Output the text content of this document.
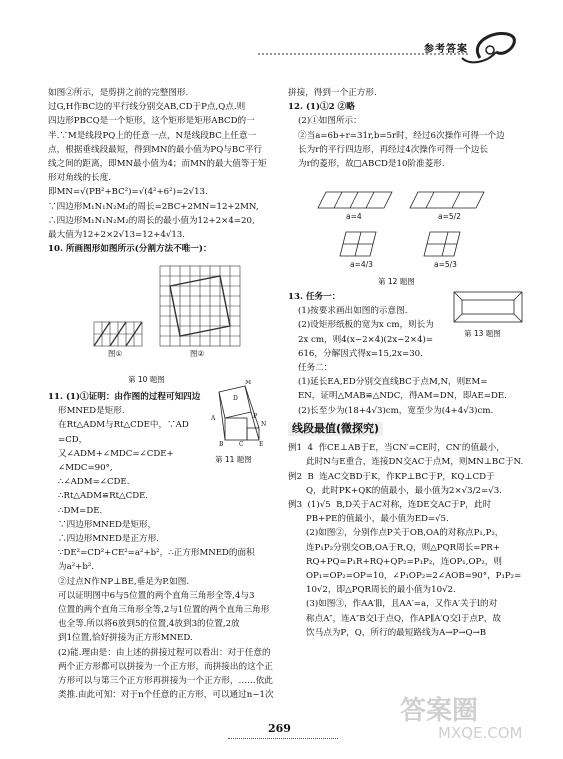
参考答案

如图②所示，是剪拼之前的完整图形.

过G,H作BC边的平行线分别交AB,CD于P点,Q点.则

四边形PBCQ是一个矩形，这个矩形是矩形ABCD的一

半.∵M是线段PQ上的任意一点，N是线段BC上任意一

点，根据垂线段最短，得到MN的最小值为PQ与BC平行

线之间的距离，即MN最小值为4；而MN的最大值等于矩

形对角线的长度.

即MN=√(PB²+BC²)=√(4²+6²)=2√13.

∵四边形M₁N₁N₂M₂的周长=2BC+2MN=12+2MN,

∴四边形M₁N₁N₂M₂的周长的最小值为12+2×4=20,

最大值为12+2×2√13=12+4√13.

10. 所画图形如图所示(分割方法不唯一)：

图①	图②
第 10 题图

11. (1)①证明：由作图的过程可知四边

形MNED是矩形.

在Rt△ADM与Rt△CDE中，∵AD

=CD，

又∠ADM+∠MDC=∠CDE+

∠MDC=90°,

∴∠ADM=∠CDE.

∴Rt△ADM≌Rt△CDE.

∴DM=DE.

∵四边形MNED是矩形，

∴四边形MNED是正方形.

∵DE²=CD²+CE²=a²+b²，∴正方形MNED的面积

为a²+b².

②过点N作NP⊥BE,垂足为P.如图.

可以证明图中6与5位置的两个直角三角形全等,4与3

位置的两个直角三角形全等,2与1位置的两个直角三角形

也全等.所以将6放到5的位置,4放到3的位置,2放

到1位置,恰好拼接为正方形MNED.

(2)能.理由是：由上述的拼接过程可以看出：对于任意的

两个正方形都可以拼接为一个正方形，而拼接出的这个正

方形可以与第三个正方形再拼接为一个正方形，……依此

类推.由此可知：对于n个任意的正方形，可以通过n−1次

A
D
M
B	C	E
N
P
第 11 题图

拼接，得到一个正方形.

12. (1)①2 ②略

(2)①如图所示：

②当a=6b+r=31r,b=5r时，经过6次操作可得一个边

长为r的平行四边形，再经过4次操作可得一个边长

为r的菱形，故□ABCD是10阶准菱形.

a=4	a=5/2
a=4/3	a=5/3
第 12 题图

13. 任务一：

(1)按要求画出如图的示意图.

(2)设矩形纸板的宽为x cm，则长为

2x cm，则4(x−2×4)(2x−2×4)=

616，分解因式得x=15,2x=30.

任务二：

(1)延长EA,ED分别交直线BC于点M,N，则EM=

EN，证明△MAB≌△NDC，得AM=DN，即AE=DE.

(2)长至少为(18+4√3)cm，宽至少为(4+4√3)cm.

第 13 题图

线段最值(微探究)

例1  4  作CE⊥AB于E，当CN′=CE时，CN′的值最小，

此时N与E重合，连接DN交AC于点M，则MN⊥BC于N.

例2  B  连AC交BD于K，作KP⊥BC于P，KQ⊥CD于

Q，此时PK+QK的值最小，最小值为2×√3/2=√3.

例3  (1)√5  B,D关于AC对称，连DE交AC于P，此时

PB+PE的值最小，最小值为ED=√5.

(2)如图②，分别作点P关于OB,OA的对称点P₁,P₂，

连P₁P₂分别交OB,OA于R,Q，则△PQR周长=PR+

RQ+PQ=P₁R+RQ+QP₂=P₁P₂，连OP₁,OP₂，则

OP₁=OP₂=OP=10，∠P₁OP₂=2∠AOB=90°，P₁P₂=

10√2，即△PQR周长的最小值为10√2.

(3)如图③，作AA′∥l，且AA′=a，又作A′关于l的对

称点A″，连A″B交l于点Q，作AP∥A′Q交l于点P，故

饮马点为P，Q，所行的最短路线为A→P→Q→B

269
答案圈
MXQE.COM
